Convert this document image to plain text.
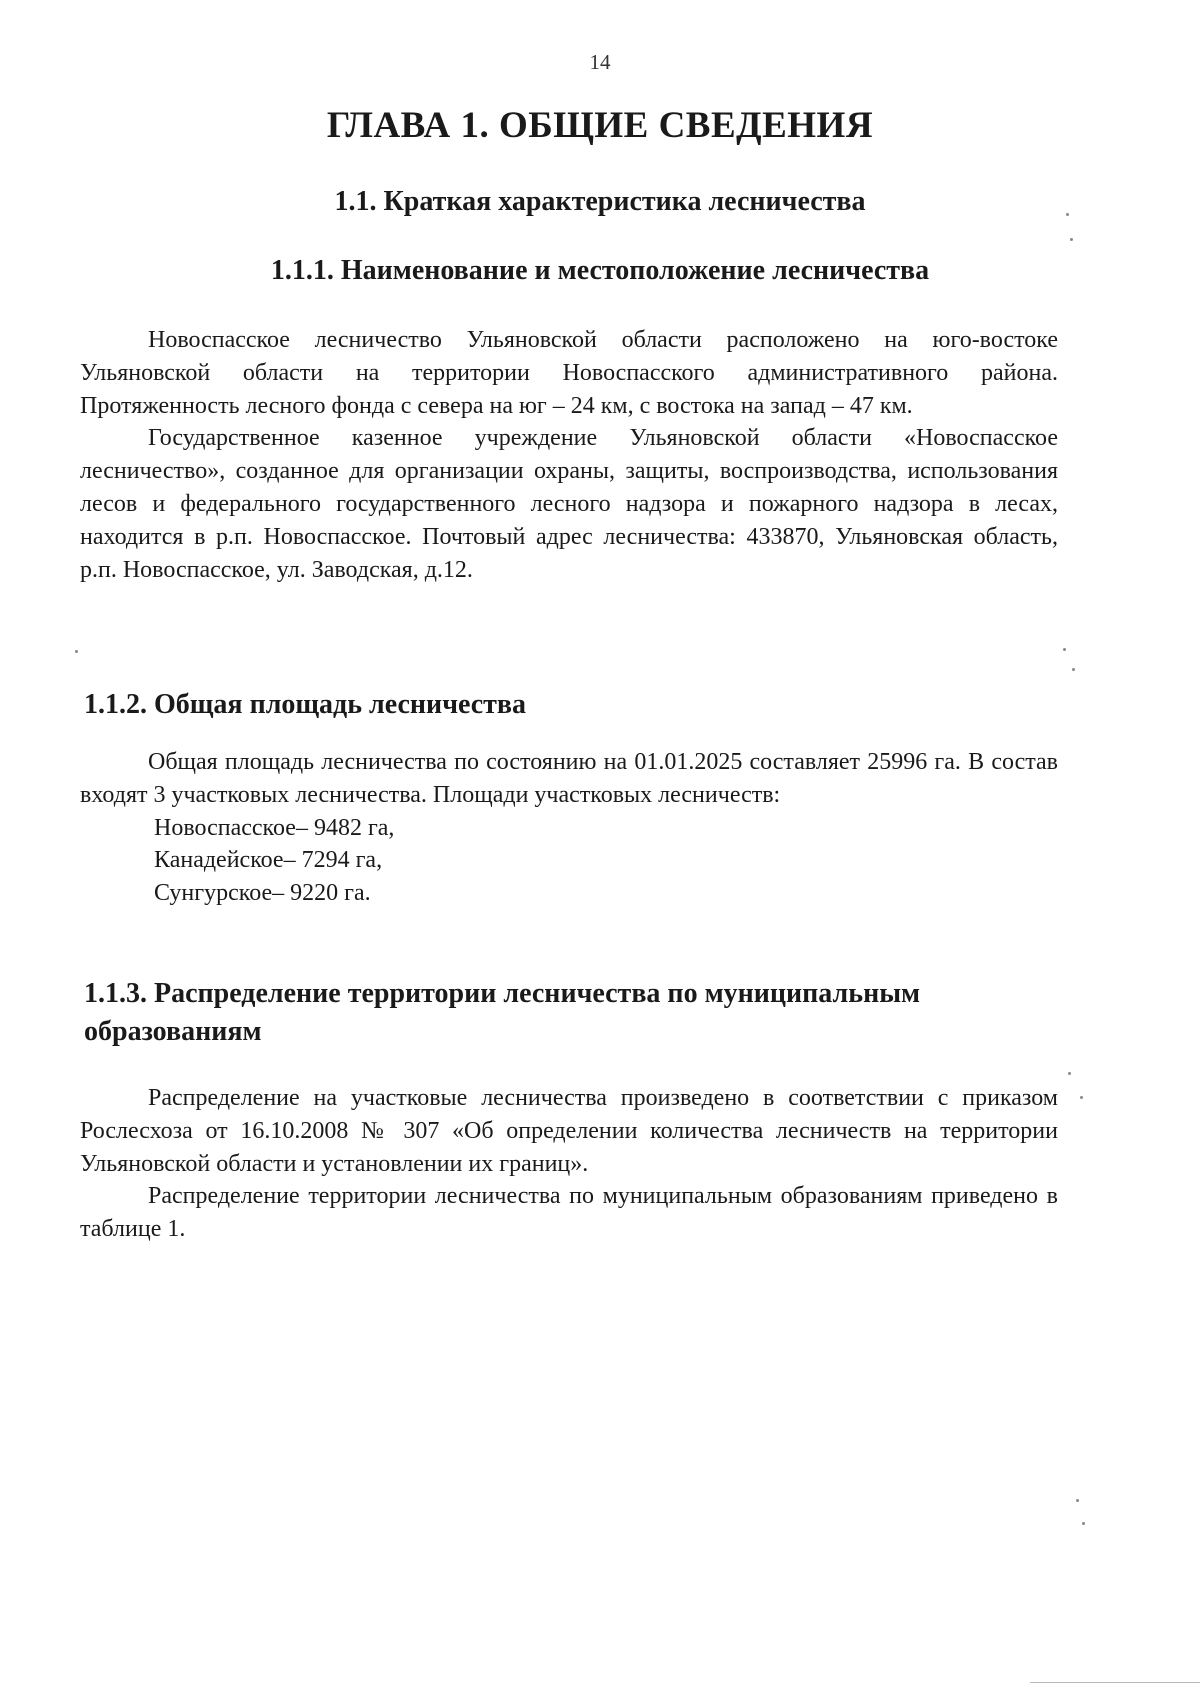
14
ГЛАВА 1. ОБЩИЕ СВЕДЕНИЯ
1.1. Краткая характеристика лесничества
1.1.1. Наименование и местоположение лесничества

Новоспасское лесничество Ульяновской области расположено на юго-востоке Ульяновской области на территории Новоспасского административного района. Протяженность лесного фонда с севера на юг – 24 км, с востока на запад – 47 км.

Государственное казенное учреждение Ульяновской области «Новоспасское лесничество», созданное для организации охраны, защиты, воспроизводства, использования лесов и федерального государственного лесного надзора и пожарного надзора в лесах, находится в р.п. Новоспасское. Почтовый адрес лесничества: 433870, Ульяновская область, р.п. Новоспасское, ул. Заводская, д.12.

1.1.2. Общая площадь лесничества

Общая площадь лесничества по состоянию на 01.01.2025 составляет 25996 га. В состав входят 3 участковых лесничества. Площади участковых лесничеств:

Новоспасское– 9482 га,
Канадейское– 7294 га,
Сунгурское– 9220 га.
1.1.3. Распределение территории лесничества по муниципальным образованиям

Распределение на участковые лесничества произведено в соответствии с приказом Рослесхоза от 16.10.2008 № 307 «Об определении количества лесничеств на территории Ульяновской области и установлении их границ».

Распределение территории лесничества по муниципальным образованиям приведено в таблице 1.
